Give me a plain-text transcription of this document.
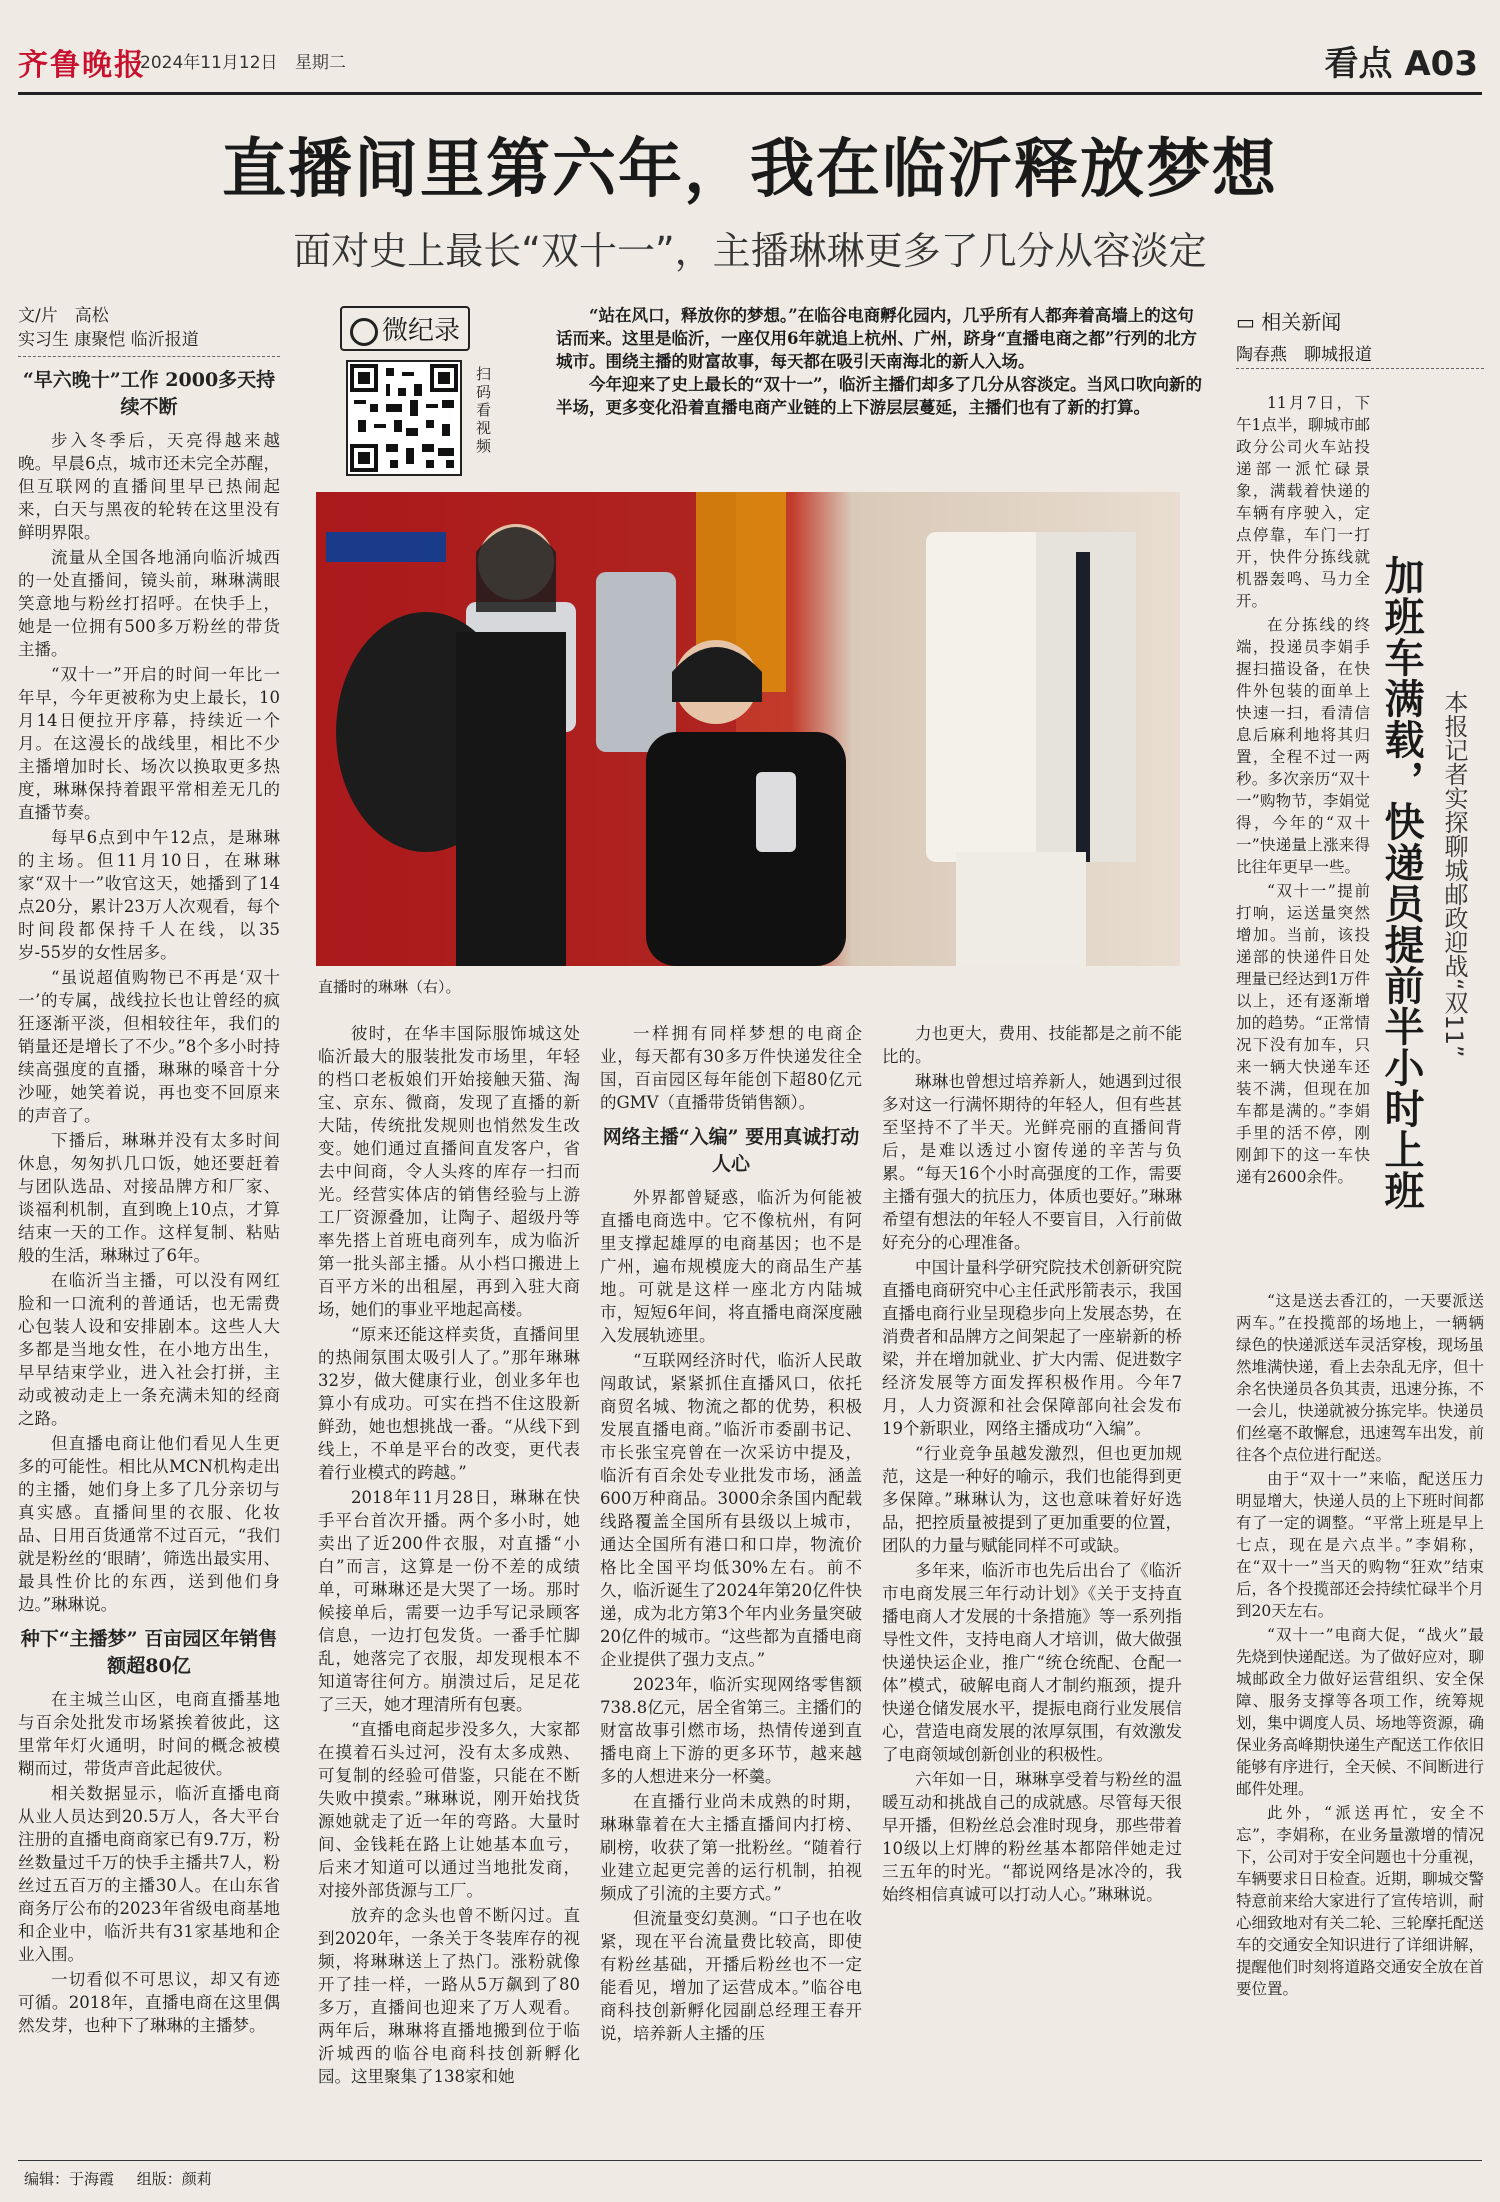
齐鲁晚报
2024年11月12日 星期二	看点 A03
直播间里第六年，我在临沂释放梦想
面对史上最长“双十一”，主播琳琳更多了几分从容淡定
文/片　高松
实习生 康聚恺 临沂报道
“早六晚十”工作 2000多天持续不断

步入冬季后，天亮得越来越晚。早晨6点，城市还未完全苏醒，但互联网的直播间里早已热闹起来，白天与黑夜的轮转在这里没有鲜明界限。

流量从全国各地涌向临沂城西的一处直播间，镜头前，琳琳满眼笑意地与粉丝打招呼。在快手上，她是一位拥有500多万粉丝的带货主播。

“双十一”开启的时间一年比一年早，今年更被称为史上最长，10月14日便拉开序幕，持续近一个月。在这漫长的战线里，相比不少主播增加时长、场次以换取更多热度，琳琳保持着跟平常相差无几的直播节奏。

每早6点到中午12点，是琳琳的主场。但11月10日，在琳琳家“双十一”收官这天，她播到了14点20分，累计23万人次观看，每个时间段都保持千人在线，以35岁-55岁的女性居多。

“虽说超值购物已不再是‘双十一’的专属，战线拉长也让曾经的疯狂逐渐平淡，但相较往年，我们的销量还是增长了不少。”8个多小时持续高强度的直播，琳琳的嗓音十分沙哑，她笑着说，再也变不回原来的声音了。

下播后，琳琳并没有太多时间休息，匆匆扒几口饭，她还要赶着与团队选品、对接品牌方和厂家、谈福利机制，直到晚上10点，才算结束一天的工作。这样复制、粘贴般的生活，琳琳过了6年。

在临沂当主播，可以没有网红脸和一口流利的普通话，也无需费心包装人设和安排剧本。这些人大多都是当地女性，在小地方出生，早早结束学业，进入社会打拼，主动或被动走上一条充满未知的经商之路。

但直播电商让他们看见人生更多的可能性。相比从MCN机构走出的主播，她们身上多了几分亲切与真实感。直播间里的衣服、化妆品、日用百货通常不过百元，“我们就是粉丝的‘眼睛’，筛选出最实用、最具性价比的东西，送到他们身边。”琳琳说。

种下“主播梦” 百亩园区年销售额超80亿

在主城兰山区，电商直播基地与百余处批发市场紧挨着彼此，这里常年灯火通明，时间的概念被模糊而过，带货声音此起彼伏。

相关数据显示，临沂直播电商从业人员达到20.5万人，各大平台注册的直播电商商家已有9.7万，粉丝数量过千万的快手主播共7人，粉丝过五百万的主播30人。在山东省商务厅公布的2023年省级电商基地和企业中，临沂共有31家基地和企业入围。

一切看似不可思议，却又有迹可循。2018年，直播电商在这里偶然发芽，也种下了琳琳的主播梦。

微纪录
扫码看视频

“站在风口，释放你的梦想。”在临谷电商孵化园内，几乎所有人都奔着高墙上的这句话而来。这里是临沂，一座仅用6年就追上杭州、广州，跻身“直播电商之都”行列的北方城市。围绕主播的财富故事，每天都在吸引天南海北的新人入场。

今年迎来了史上最长的“双十一”，临沂主播们却多了几分从容淡定。当风口吹向新的半场，更多变化沿着直播电商产业链的上下游层层蔓延，主播们也有了新的打算。

直播时的琳琳（右）。

彼时，在华丰国际服饰城这处临沂最大的服装批发市场里，年轻的档口老板娘们开始接触天猫、淘宝、京东、微商，发现了直播的新大陆，传统批发规则也悄然发生改变。她们通过直播间直发客户，省去中间商，令人头疼的库存一扫而光。经营实体店的销售经验与上游工厂资源叠加，让陶子、超级丹等率先搭上首班电商列车，成为临沂第一批头部主播。从小档口搬进上百平方米的出租屋，再到入驻大商场，她们的事业平地起高楼。

“原来还能这样卖货，直播间里的热闹氛围太吸引人了。”那年琳琳32岁，做大健康行业，创业多年也算小有成功。可实在挡不住这股新鲜劲，她也想挑战一番。“从线下到线上，不单是平台的改变，更代表着行业模式的跨越。”

2018年11月28日，琳琳在快手平台首次开播。两个多小时，她卖出了近200件衣服，对直播“小白”而言，这算是一份不差的成绩单，可琳琳还是大哭了一场。那时候接单后，需要一边手写记录顾客信息，一边打包发货。一番手忙脚乱，她落完了衣服，却发现根本不知道寄往何方。崩溃过后，足足花了三天，她才理清所有包裹。

“直播电商起步没多久，大家都在摸着石头过河，没有太多成熟、可复制的经验可借鉴，只能在不断失败中摸索。”琳琳说，刚开始找货源她就走了近一年的弯路。大量时间、金钱耗在路上让她基本血亏，后来才知道可以通过当地批发商，对接外部货源与工厂。

放弃的念头也曾不断闪过。直到2020年，一条关于冬装库存的视频，将琳琳送上了热门。涨粉就像开了挂一样，一路从5万飙到了80多万，直播间也迎来了万人观看。两年后，琳琳将直播地搬到位于临沂城西的临谷电商科技创新孵化园。这里聚集了138家和她

一样拥有同样梦想的电商企业，每天都有30多万件快递发往全国，百亩园区每年能创下超80亿元的GMV（直播带货销售额）。

网络主播“入编” 要用真诚打动人心

外界都曾疑惑，临沂为何能被直播电商选中。它不像杭州，有阿里支撑起雄厚的电商基因；也不是广州，遍布规模庞大的商品生产基地。可就是这样一座北方内陆城市，短短6年间，将直播电商深度融入发展轨迹里。

“互联网经济时代，临沂人民敢闯敢试，紧紧抓住直播风口，依托商贸名城、物流之都的优势，积极发展直播电商。”临沂市委副书记、市长张宝亮曾在一次采访中提及，临沂有百余处专业批发市场，涵盖600万种商品。3000余条国内配载线路覆盖全国所有县级以上城市，通达全国所有港口和口岸，物流价格比全国平均低30%左右。前不久，临沂诞生了2024年第20亿件快递，成为北方第3个年内业务量突破20亿件的城市。“这些都为直播电商企业提供了强力支点。”

2023年，临沂实现网络零售额738.8亿元，居全省第三。主播们的财富故事引燃市场，热情传递到直播电商上下游的更多环节，越来越多的人想进来分一杯羹。

在直播行业尚未成熟的时期，琳琳靠着在大主播直播间内打榜、刷榜，收获了第一批粉丝。“随着行业建立起更完善的运行机制，拍视频成了引流的主要方式。”

但流量变幻莫测。“口子也在收紧，现在平台流量费比较高，即使有粉丝基础，开播后粉丝也不一定能看见，增加了运营成本。”临谷电商科技创新孵化园副总经理王春开说，培养新人主播的压

力也更大，费用、技能都是之前不能比的。

琳琳也曾想过培养新人，她遇到过很多对这一行满怀期待的年轻人，但有些甚至坚持不了半天。光鲜亮丽的直播间背后，是难以透过小窗传递的辛苦与负累。“每天16个小时高强度的工作，需要主播有强大的抗压力，体质也要好。”琳琳希望有想法的年轻人不要盲目，入行前做好充分的心理准备。

中国计量科学研究院技术创新研究院直播电商研究中心主任武彤箭表示，我国直播电商行业呈现稳步向上发展态势，在消费者和品牌方之间架起了一座崭新的桥梁，并在增加就业、扩大内需、促进数字经济发展等方面发挥积极作用。今年7月，人力资源和社会保障部向社会发布19个新职业，网络主播成功“入编”。

“行业竞争虽越发激烈，但也更加规范，这是一种好的喻示，我们也能得到更多保障。”琳琳认为，这也意味着好好选品，把控质量被提到了更加重要的位置，团队的力量与赋能同样不可或缺。

多年来，临沂市也先后出台了《临沂市电商发展三年行动计划》《关于支持直播电商人才发展的十条措施》等一系列指导性文件，支持电商人才培训，做大做强快递快运企业，推广“统仓统配、仓配一体”模式，破解电商人才制约瓶颈，提升快递仓储发展水平，提振电商行业发展信心，营造电商发展的浓厚氛围，有效激发了电商领域创新创业的积极性。

六年如一日，琳琳享受着与粉丝的温暖互动和挑战自己的成就感。尽管每天很早开播，但粉丝总会准时现身，那些带着10级以上灯牌的粉丝基本都陪伴她走过三五年的时光。“都说网络是冰冷的，我始终相信真诚可以打动人心。”琳琳说。

▭ 相关新闻
陶春燕　聊城报道

11月7日，下午1点半，聊城市邮政分公司火车站投递部一派忙碌景象，满载着快递的车辆有序驶入，定点停靠，车门一打开，快件分拣线就机器轰鸣、马力全开。

在分拣线的终端，投递员李娟手握扫描设备，在快件外包装的面单上快速一扫，看清信息后麻利地将其归置，全程不过一两秒。多次亲历“双十一”购物节，李娟觉得，今年的“双十一”快递量上涨来得比往年更早一些。

“双十一”提前打响，运送量突然增加。当前，该投递部的快递件日处理量已经达到1万件以上，还有逐渐增加的趋势。“正常情况下没有加车，只来一辆大快递车还装不满，但现在加车都是满的。”李娟手里的活不停，刚刚卸下的这一车快递有2600余件。 加班车满载，快递员提前半小时上班 本报记者实探聊城邮政迎战“双11”

“这是送去香江的，一天要派送两车。”在投揽部的场地上，一辆辆绿色的快递派送车灵活穿梭，现场虽然堆满快递，看上去杂乱无序，但十余名快递员各负其责，迅速分拣，不一会儿，快递就被分拣完毕。快递员们丝毫不敢懈怠，迅速驾车出发，前往各个点位进行配送。

由于“双十一”来临，配送压力明显增大，快递人员的上下班时间都有了一定的调整。“平常上班是早上七点，现在是六点半。”李娟称，在“双十一”当天的购物“狂欢”结束后，各个投揽部还会持续忙碌半个月到20天左右。

“双十一”电商大促，“战火”最先烧到快递配送。为了做好应对，聊城邮政全力做好运营组织、安全保障、服务支撑等各项工作，统筹规划，集中调度人员、场地等资源，确保业务高峰期快递生产配送工作依旧能够有序进行，全天候、不间断进行邮件处理。

此外，“派送再忙，安全不忘”，李娟称，在业务量激增的情况下，公司对于安全问题也十分重视，车辆要求日日检查。近期，聊城交警特意前来给大家进行了宣传培训，耐心细致地对有关二轮、三轮摩托配送车的交通安全知识进行了详细讲解，提醒他们时刻将道路交通安全放在首要位置。

编辑：于海霞 组版：颜莉
